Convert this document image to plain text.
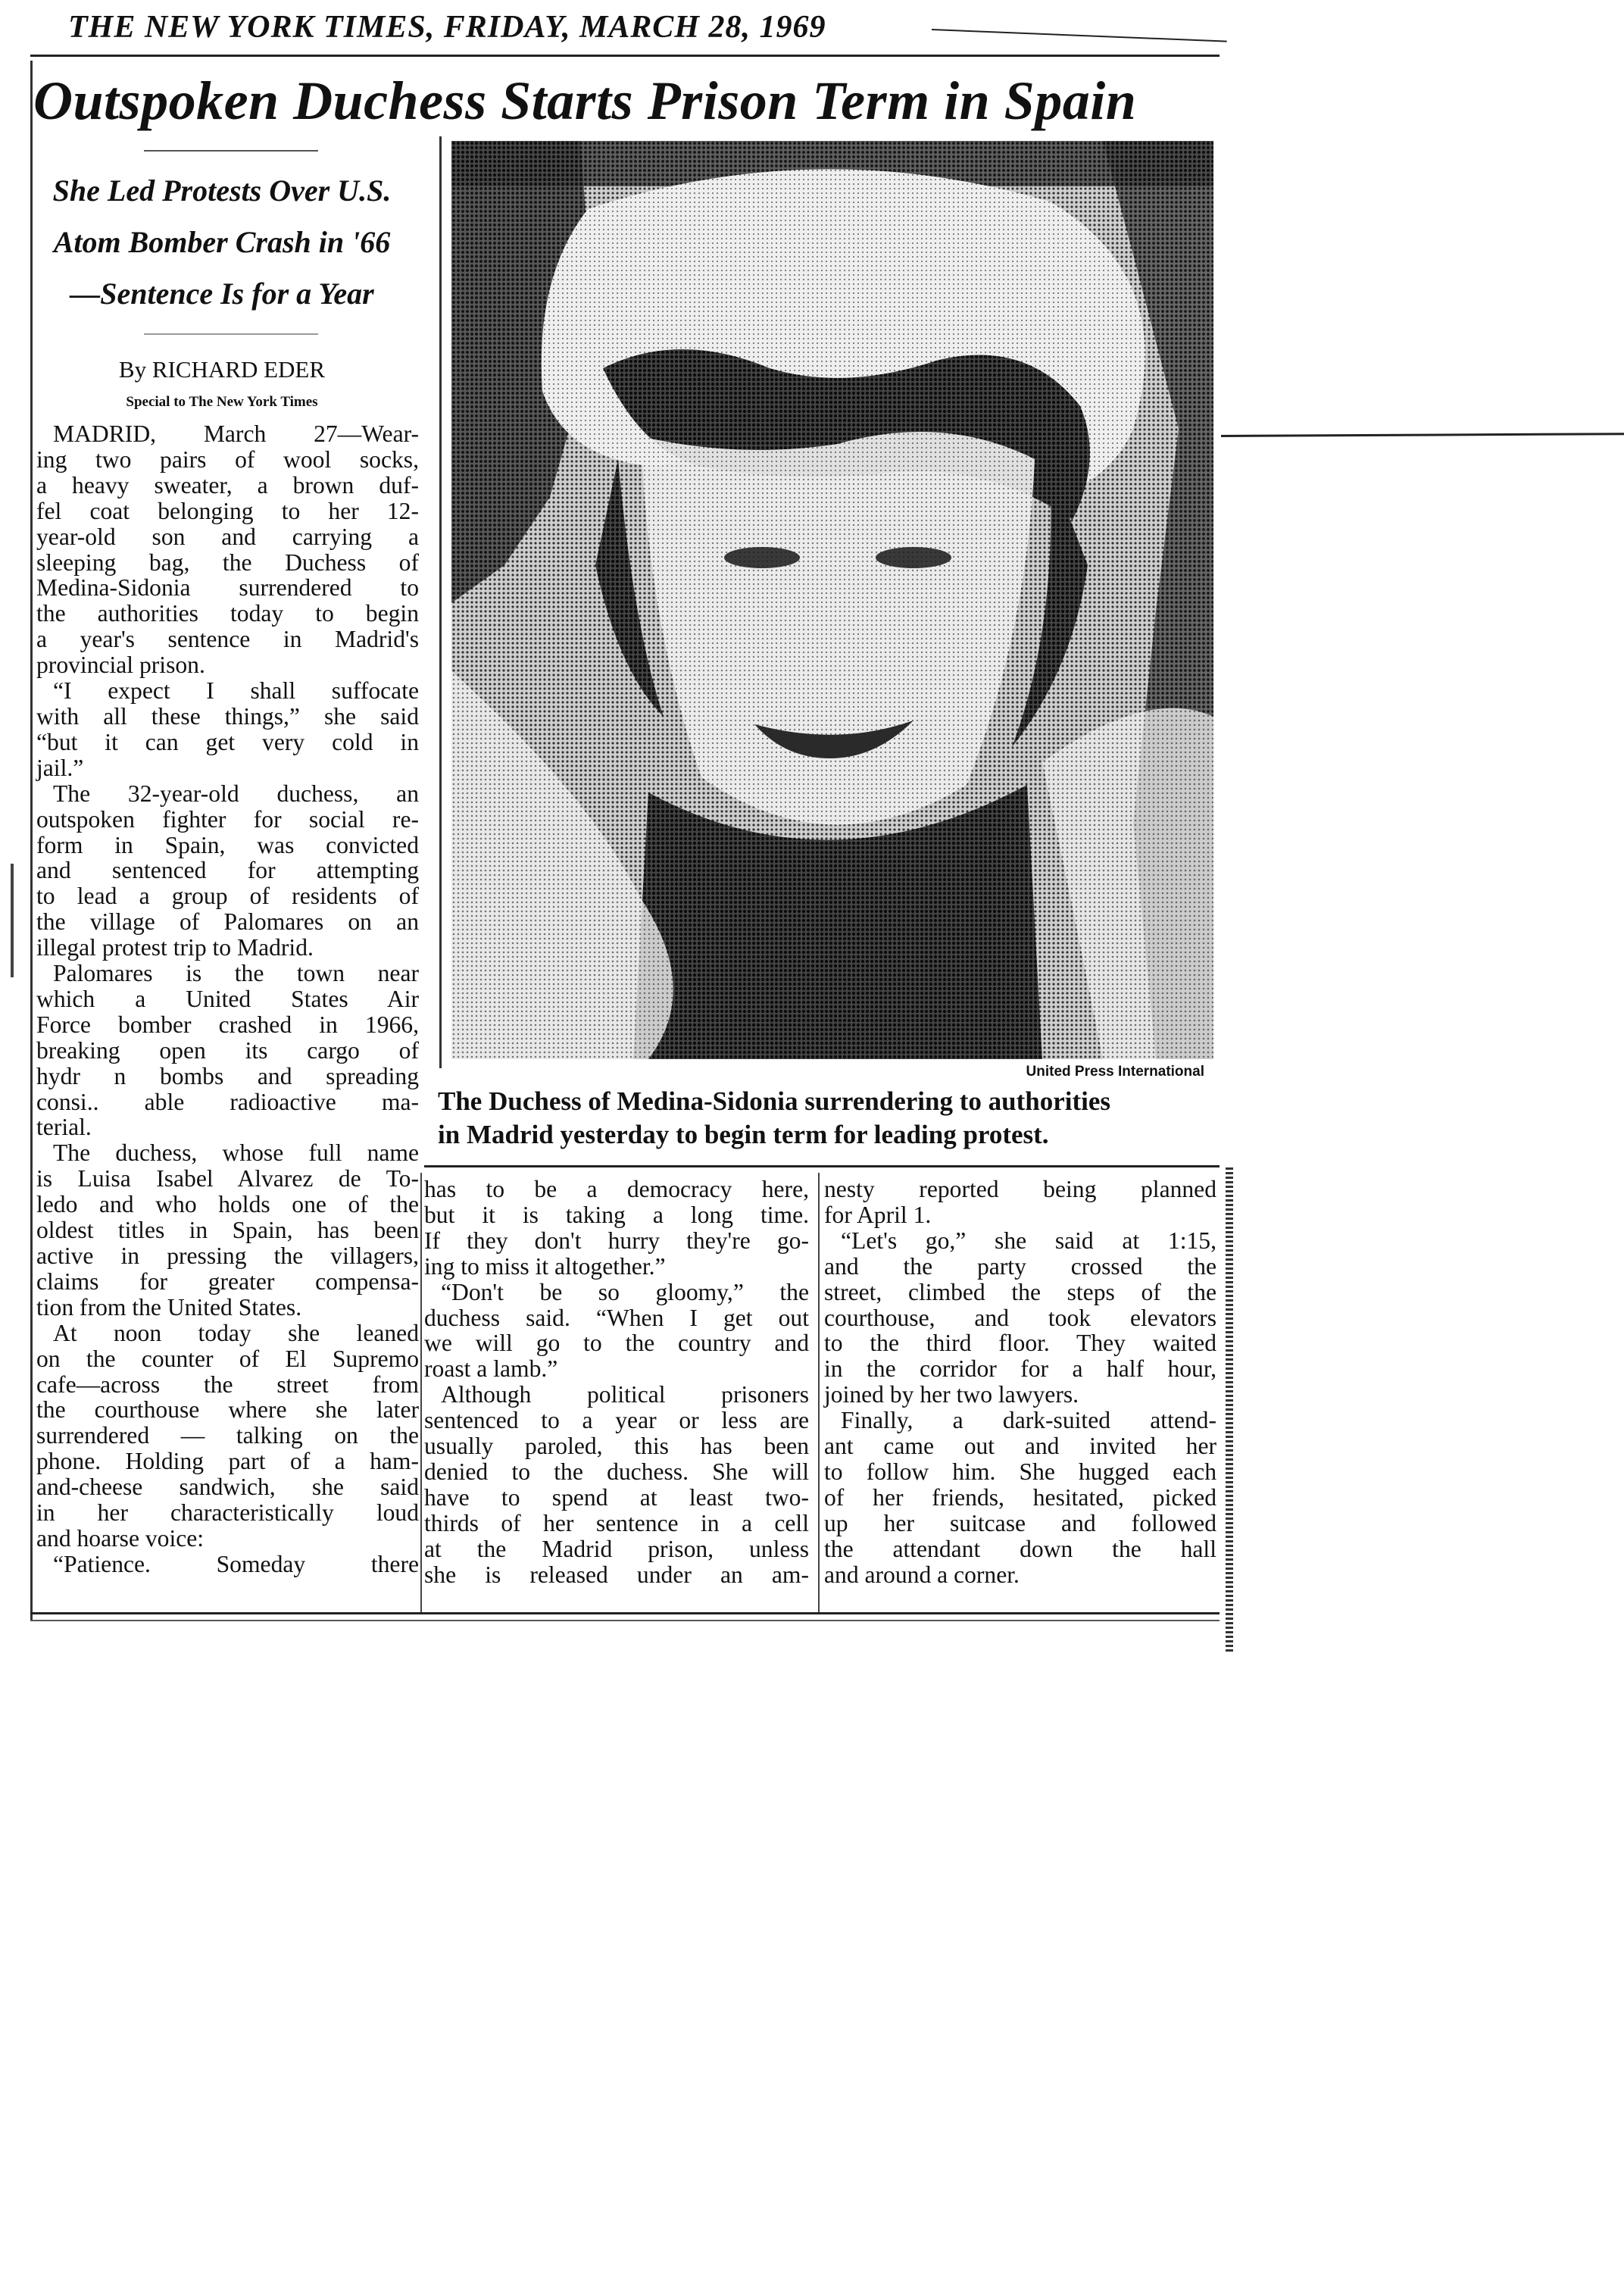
THE NEW YORK TIMES, FRIDAY, MARCH 28, 1969
Outspoken Duchess Starts Prison Term in Spain
She Led Protests Over U.S.
Atom Bomber Crash in '66
—Sentence Is for a Year
By RICHARD EDER
Special to The New York Times
MADRID, March 27—Wear-
ing two pairs of wool socks,
a heavy sweater, a brown duf-
fel coat belonging to her 12-
year-old son and carrying a
sleeping bag, the Duchess of
Medina-Sidonia surrendered to
the authorities today to begin
a year's sentence in Madrid's
provincial prison.
“I expect I shall suffocate
with all these things,” she said
“but it can get very cold in
jail.”
The 32-year-old duchess, an
outspoken fighter for social re-
form in Spain, was convicted
and sentenced for attempting
to lead a group of residents of
the village of Palomares on an
illegal protest trip to Madrid.
Palomares is the town near
which a United States Air
Force bomber crashed in 1966,
breaking open its cargo of
hydr n bombs and spreading
consi.. able radioactive ma-
terial.
The duchess, whose full name
is Luisa Isabel Alvarez de To-
ledo and who holds one of the
oldest titles in Spain, has been
active in pressing the villagers,
claims for greater compensa-
tion from the United States.
At noon today she leaned
on the counter of El Supremo
cafe—across the street from
the courthouse where she later
surrendered — talking on the
phone. Holding part of a ham-
and-cheese sandwich, she said
in her characteristically loud
and hoarse voice:
“Patience. Someday there
United Press International
The Duchess of Medina-Sidonia surrendering to authorities
in Madrid yesterday to begin term for leading protest.
has to be a democracy here,
but it is taking a long time.
If they don't hurry they're go-
ing to miss it altogether.”
“Don't be so gloomy,” the
duchess said. “When I get out
we will go to the country and
roast a lamb.”
Although political prisoners
sentenced to a year or less are
usually paroled, this has been
denied to the duchess. She will
have to spend at least two-
thirds of her sentence in a cell
at the Madrid prison, unless
she is released under an am-
nesty reported being planned
for April 1.
“Let's go,” she said at 1:15,
and the party crossed the
street, climbed the steps of the
courthouse, and took elevators
to the third floor. They waited
in the corridor for a half hour,
joined by her two lawyers.
Finally, a dark-suited attend-
ant came out and invited her
to follow him. She hugged each
of her friends, hesitated, picked
up her suitcase and followed
the attendant down the hall
and around a corner.
